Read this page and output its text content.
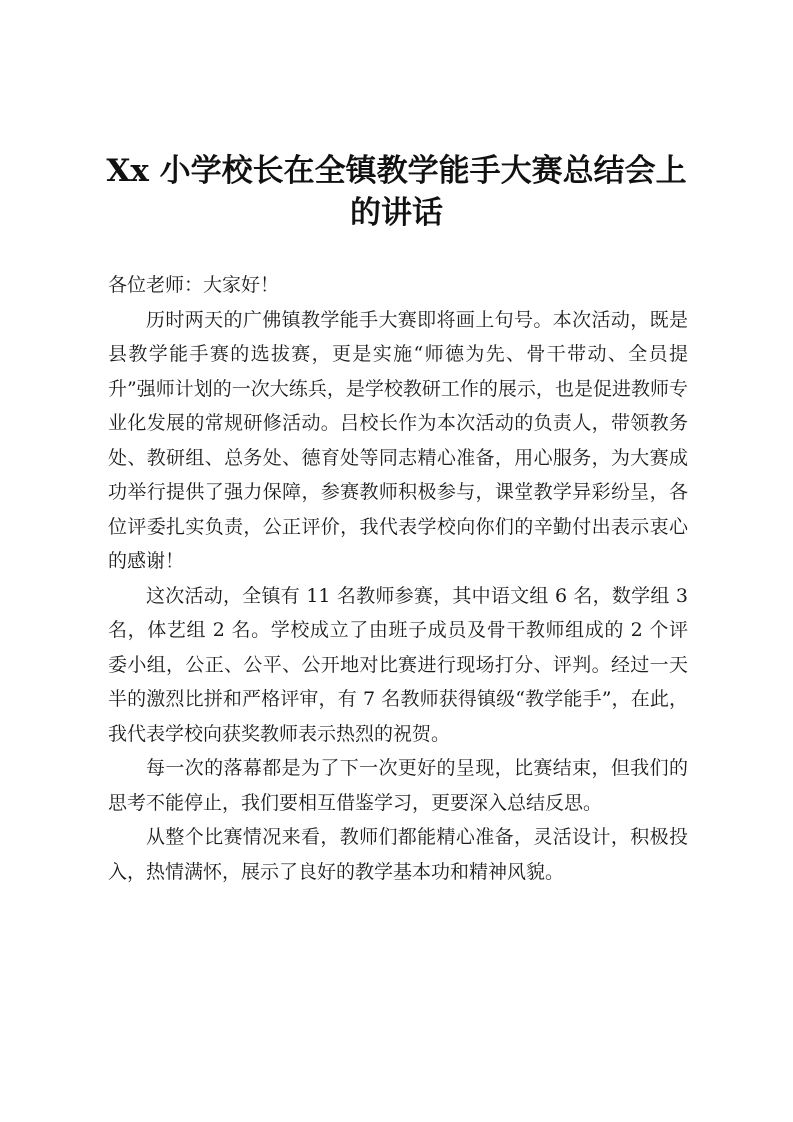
Xx 小学校长在全镇教学能手大赛总结会上的讲话

各位老师：大家好！

历时两天的广佛镇教学能手大赛即将画上句号。本次活动，既是县教学能手赛的选拔赛，更是实施“师德为先、骨干带动、全员提升”强师计划的一次大练兵，是学校教研工作的展示，也是促进教师专业化发展的常规研修活动。吕校长作为本次活动的负责人，带领教务处、教研组、总务处、德育处等同志精心准备，用心服务，为大赛成功举行提供了强力保障，参赛教师积极参与，课堂教学异彩纷呈，各位评委扎实负责，公正评价，我代表学校向你们的辛勤付出表示衷心的感谢！

这次活动，全镇有 11 名教师参赛，其中语文组 6 名，数学组 3 名，体艺组 2 名。学校成立了由班子成员及骨干教师组成的 2 个评委小组，公正、公平、公开地对比赛进行现场打分、评判。经过一天半的激烈比拼和严格评审，有 7 名教师获得镇级“教学能手”，在此，我代表学校向获奖教师表示热烈的祝贺。

每一次的落幕都是为了下一次更好的呈现，比赛结束，但我们的思考不能停止，我们要相互借鉴学习，更要深入总结反思。

从整个比赛情况来看，教师们都能精心准备，灵活设计，积极投入，热情满怀，展示了良好的教学基本功和精神风貌。
